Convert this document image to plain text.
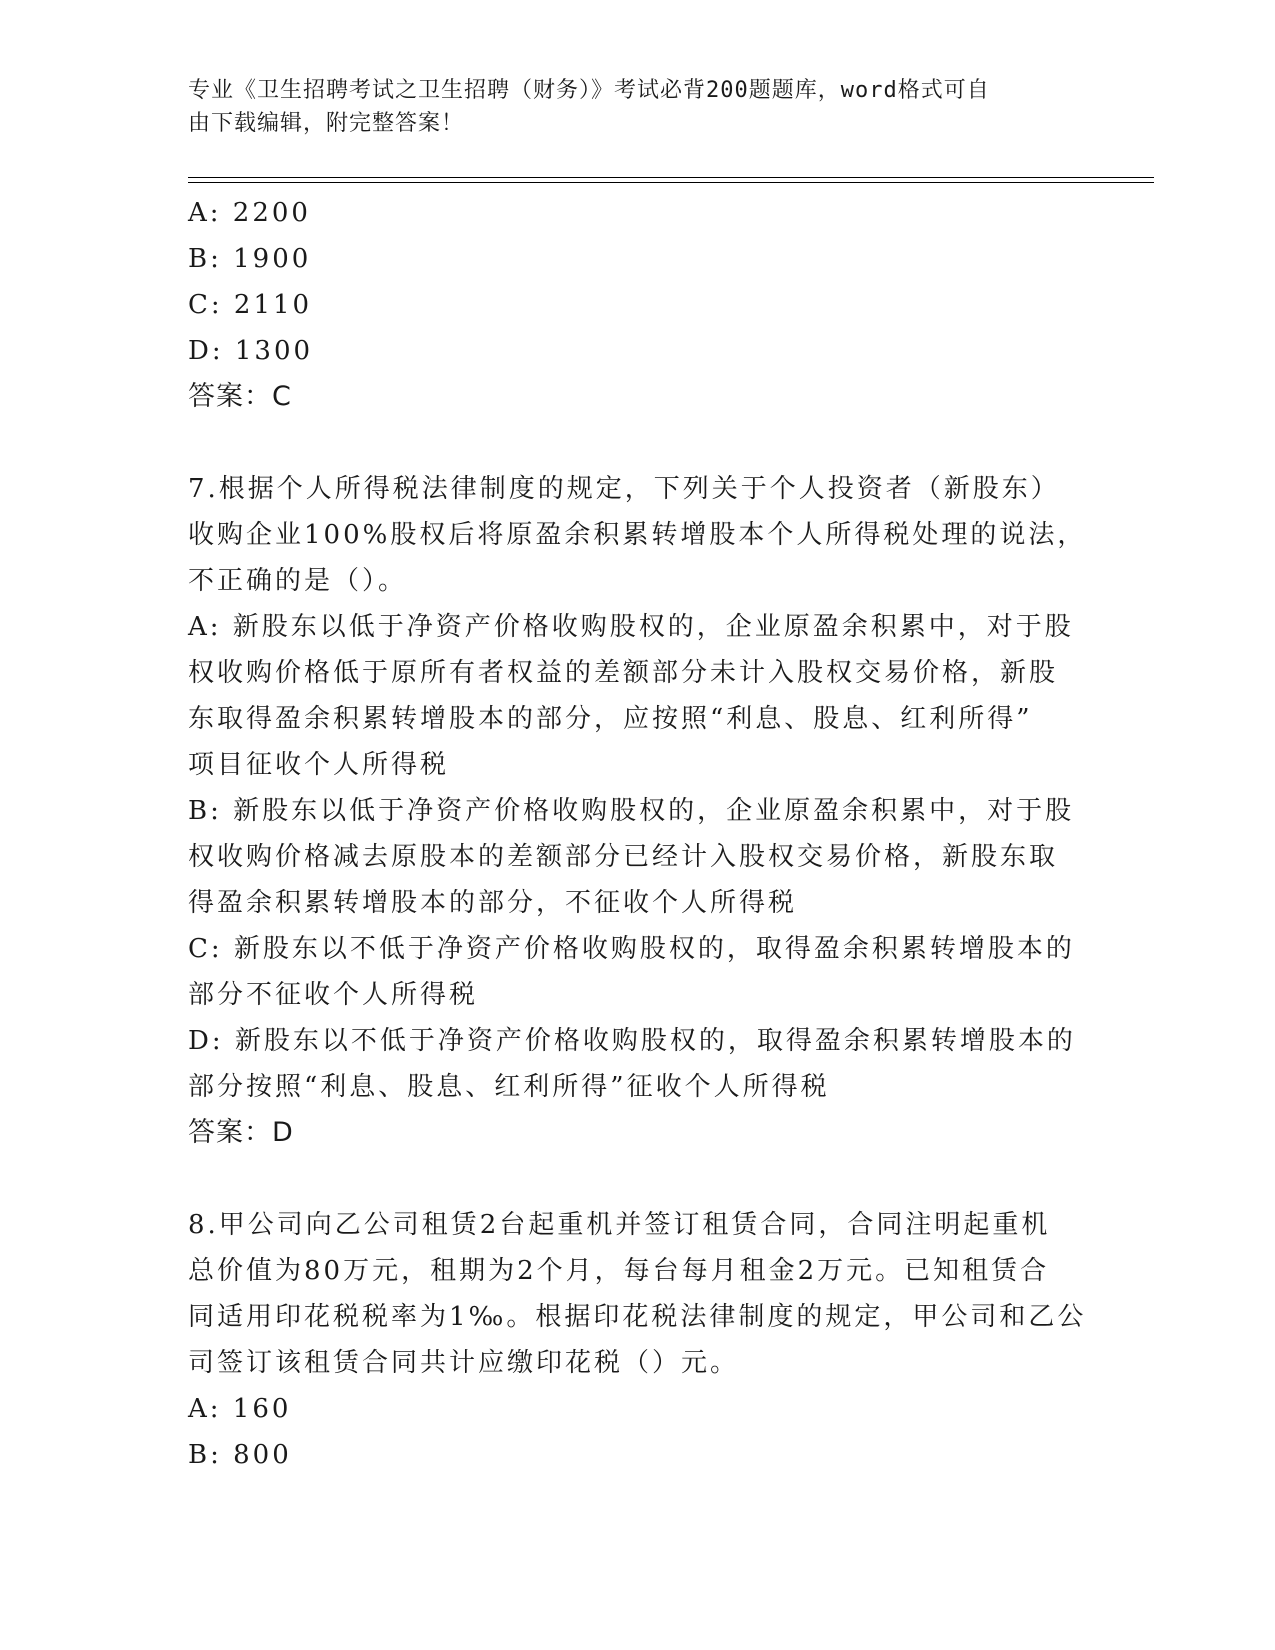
专业《卫生招聘考试之卫生招聘（财务）》考试必背200题题库，word格式可自
由下载编辑，附完整答案！
A: 2200
B: 1900
C: 2110
D: 1300
答案：C
7.根据个人所得税法律制度的规定，下列关于个人投资者（新股东）
收购企业100%股权后将原盈余积累转增股本个人所得税处理的说法，
不正确的是（）。
A: 新股东以低于净资产价格收购股权的，企业原盈余积累中，对于股
权收购价格低于原所有者权益的差额部分未计入股权交易价格，新股
东取得盈余积累转增股本的部分，应按照“利息、股息、红利所得”
项目征收个人所得税
B: 新股东以低于净资产价格收购股权的，企业原盈余积累中，对于股
权收购价格减去原股本的差额部分已经计入股权交易价格，新股东取
得盈余积累转增股本的部分，不征收个人所得税
C: 新股东以不低于净资产价格收购股权的，取得盈余积累转增股本的
部分不征收个人所得税
D: 新股东以不低于净资产价格收购股权的，取得盈余积累转增股本的
部分按照“利息、股息、红利所得”征收个人所得税
答案：D
8.甲公司向乙公司租赁2台起重机并签订租赁合同，合同注明起重机
总价值为80万元，租期为2个月，每台每月租金2万元。已知租赁合
同适用印花税税率为1‰。根据印花税法律制度的规定，甲公司和乙公
司签订该租赁合同共计应缴印花税（）元。
A: 160
B: 800
